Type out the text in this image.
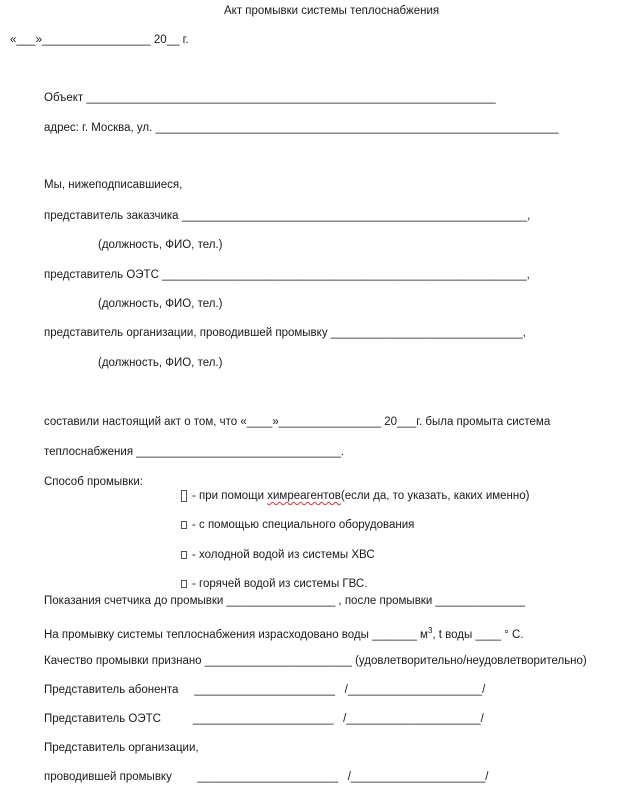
Акт промывки системы теплоснабжения
«___»_________________ 20__ г.
Объект ________________________________________________________________
адрес: г. Москва, ул. _______________________________________________________________
Мы, нижеподписавшиеся,
представитель заказчика ______________________________________________________,
(должность, ФИО, тел.)
представитель ОЭТС _________________________________________________________,
(должность, ФИО, тел.)
представитель организации, проводившей промывку ______________________________,
(должность, ФИО, тел.)
составили настоящий акт о том, что «____»________________ 20___г. была промыта система
теплоснабжения ________________________________.
Способ промывки:

- при помощи химреагентов(если да, то указать, каких именно)

- с помощью специального оборудования

- холодной водой из системы ХВС

- горячей водой из системы ГВС.

Показания счетчика до промывки _________________ , после промывки ______________
На промывку системы теплоснабжения израсходовано воды _______ $м^3$, t воды ____ ° С.
Качество промывки признано _______________________ (удовлетворительно/неудовлетворительно)
Представитель абонента     ______________________   /_____________________/
Представитель ОЭТС          ______________________   /_____________________/
Представитель организации,
проводившей промывку        ______________________   /_____________________/
